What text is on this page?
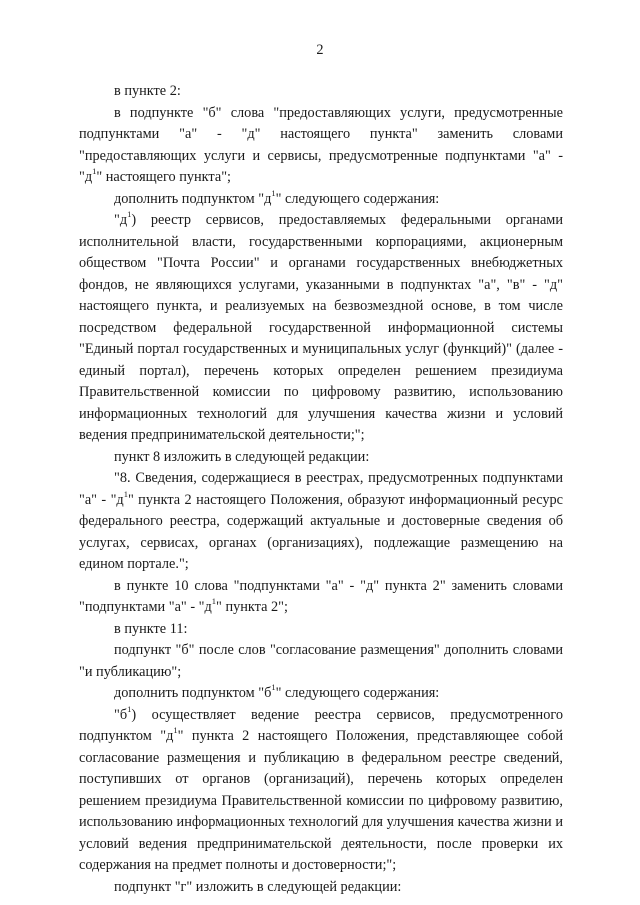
2

в пункте 2:

в подпункте "б" слова "предоставляющих услуги, предусмотренные подпунктами "а" - "д" настоящего пункта" заменить словами "предоставляющих услуги и сервисы, предусмотренные подпунктами "а" - "$д^1$" настоящего пункта";

дополнить подпунктом "$д^1$" следующего содержания:

"$д^1$) реестр сервисов, предоставляемых федеральными органами исполнительной власти, государственными корпорациями, акционерным обществом "Почта России" и органами государственных внебюджетных фондов, не являющихся услугами, указанными в подпунктах "а", "в" - "д" настоящего пункта, и реализуемых на безвозмездной основе, в том числе посредством федеральной государственной информационной системы "Единый портал государственных и муниципальных услуг (функций)" (далее - единый портал), перечень которых определен решением президиума Правительственной комиссии по цифровому развитию, использованию информационных технологий для улучшения качества жизни и условий ведения предпринимательской деятельности;";

пункт 8 изложить в следующей редакции:

"8. Сведения, содержащиеся в реестрах, предусмотренных подпунктами "а" - "$д^1$" пункта 2 настоящего Положения, образуют информационный ресурс федерального реестра, содержащий актуальные и достоверные сведения об услугах, сервисах, органах (организациях), подлежащие размещению на едином портале.";

в пункте 10 слова "подпунктами "а" - "д" пункта 2" заменить словами "подпунктами "а" - "$д^1$" пункта 2";

в пункте 11:

подпункт "б" после слов "согласование размещения" дополнить словами "и публикацию";

дополнить подпунктом "$б^1$" следующего содержания:

"$б^1$) осуществляет ведение реестра сервисов, предусмотренного подпунктом "$д^1$" пункта 2 настоящего Положения, представляющее собой согласование размещения и публикацию в федеральном реестре сведений, поступивших от органов (организаций), перечень которых определен решением президиума Правительственной комиссии по цифровому развитию, использованию информационных технологий для улучшения качества жизни и условий ведения предпринимательской деятельности, после проверки их содержания на предмет полноты и достоверности;";

подпункт "г" изложить в следующей редакции:
